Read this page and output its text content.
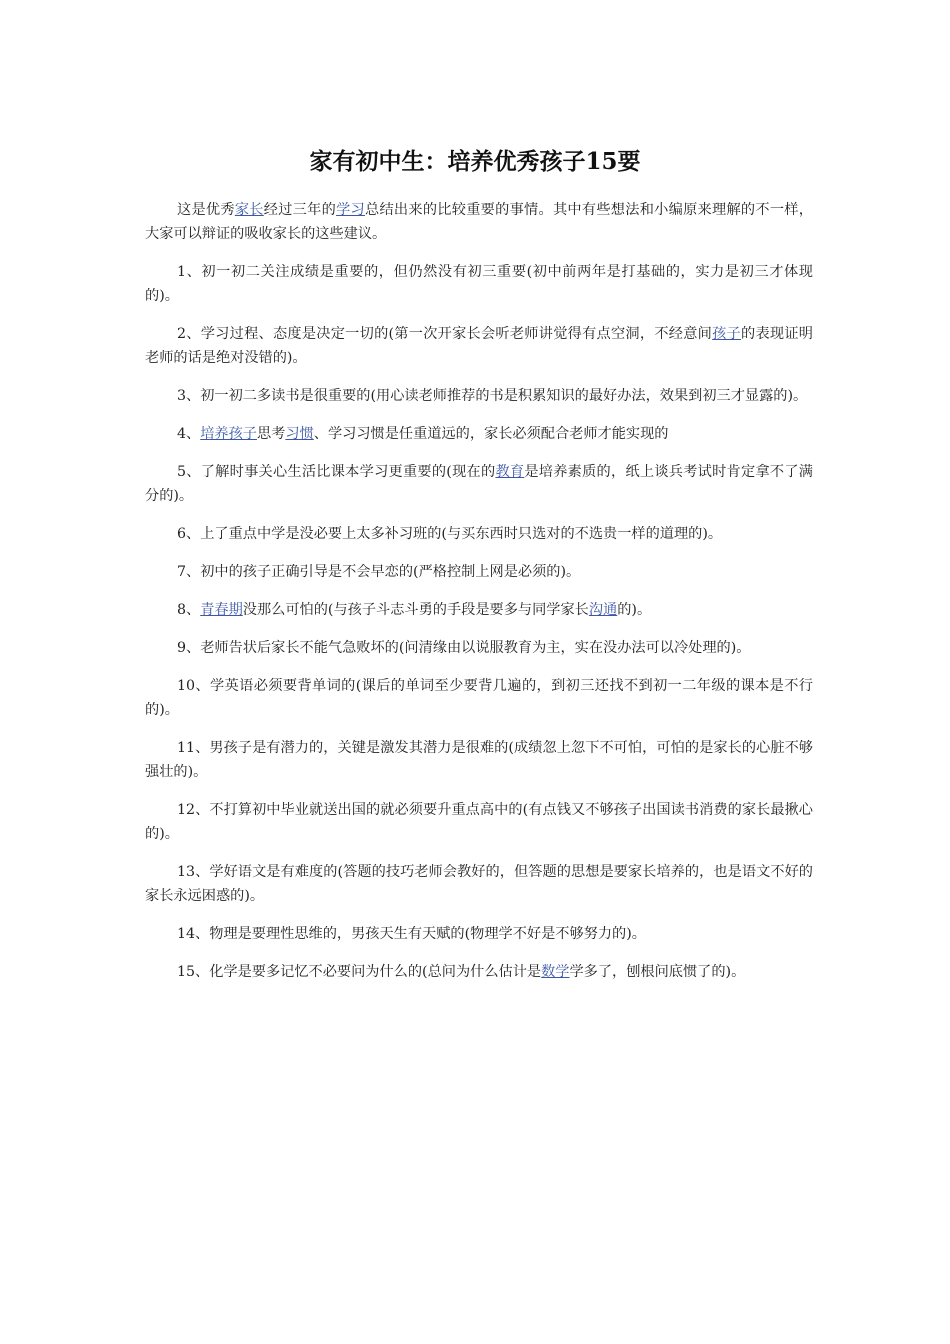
家有初中生：培养优秀孩子15要

这是优秀家长经过三年的学习总结出来的比较重要的事情。其中有些想法和小编原来理解的不一样，大家可以辩证的吸收家长的这些建议。

1、初一初二关注成绩是重要的，但仍然没有初三重要(初中前两年是打基础的，实力是初三才体现的)。

2、学习过程、态度是决定一切的(第一次开家长会听老师讲觉得有点空洞，不经意间孩子的表现证明老师的话是绝对没错的)。

3、初一初二多读书是很重要的(用心读老师推荐的书是积累知识的最好办法，效果到初三才显露的)。

4、培养孩子思考习惯、学习习惯是任重道远的，家长必须配合老师才能实现的

5、了解时事关心生活比课本学习更重要的(现在的教育是培养素质的，纸上谈兵考试时肯定拿不了满分的)。

6、上了重点中学是没必要上太多补习班的(与买东西时只选对的不选贵一样的道理的)。

7、初中的孩子正确引导是不会早恋的(严格控制上网是必须的)。

8、青春期没那么可怕的(与孩子斗志斗勇的手段是要多与同学家长沟通的)。

9、老师告状后家长不能气急败坏的(问清缘由以说服教育为主，实在没办法可以冷处理的)。

10、学英语必须要背单词的(课后的单词至少要背几遍的，到初三还找不到初一二年级的课本是不行的)。

11、男孩子是有潜力的，关键是激发其潜力是很难的(成绩忽上忽下不可怕，可怕的是家长的心脏不够强壮的)。

12、不打算初中毕业就送出国的就必须要升重点高中的(有点钱又不够孩子出国读书消费的家长最揪心的)。

13、学好语文是有难度的(答题的技巧老师会教好的，但答题的思想是要家长培养的，也是语文不好的家长永远困惑的)。

14、物理是要理性思维的，男孩天生有天赋的(物理学不好是不够努力的)。

15、化学是要多记忆不必要问为什么的(总问为什么估计是数学学多了，刨根问底惯了的)。
